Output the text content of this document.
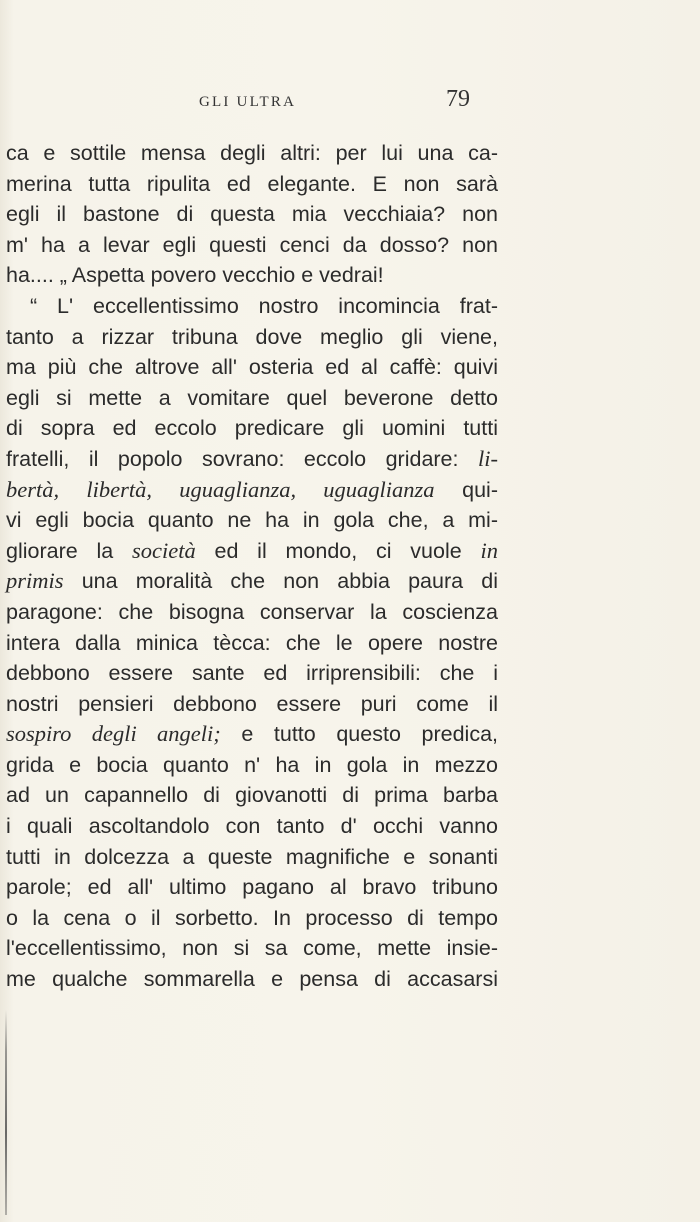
GLI ULTRA	79
ca e sottile mensa degli altri: per lui una ca-
merina tutta ripulita ed elegante. E non sarà
egli il bastone di questa mia vecchiaia? non
m' ha a levar egli questi cenci da dosso? non
ha.... „ Aspetta povero vecchio e vedrai!
“ L' eccellentissimo nostro incomincia frat-
tanto a rizzar tribuna dove meglio gli viene,
ma più che altrove all' osteria ed al caffè: quivi
egli si mette a vomitare quel beverone detto
di sopra ed eccolo predicare gli uomini tutti
fratelli, il popolo sovrano: eccolo gridare: li-
bertà, libertà, uguaglianza, uguaglianza qui-
vi egli bocia quanto ne ha in gola che, a mi-
gliorare la società ed il mondo, ci vuole in
primis una moralità che non abbia paura di
paragone: che bisogna conservar la coscienza
intera dalla minica tècca: che le opere nostre
debbono essere sante ed irriprensibili: che i
nostri pensieri debbono essere puri come il
sospiro degli angeli; e tutto questo predica,
grida e bocia quanto n' ha in gola in mezzo
ad un capannello di giovanotti di prima barba
i quali ascoltandolo con tanto d' occhi vanno
tutti in dolcezza a queste magnifiche e sonanti
parole; ed all' ultimo pagano al bravo tribuno
o la cena o il sorbetto. In processo di tempo
l'eccellentissimo, non si sa come, mette insie-
me qualche sommarella e pensa di accasarsi
